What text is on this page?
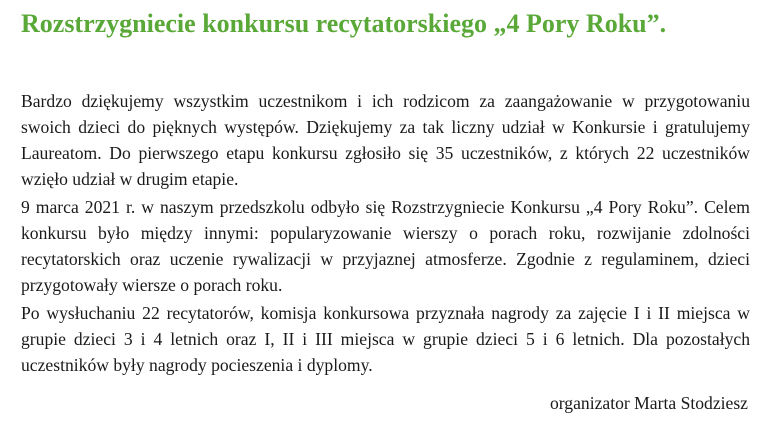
Rozstrzygniecie konkursu recytatorskiego „4 Pory Roku”.

Bardzo dziękujemy wszystkim uczestnikom i ich rodzicom za zaangażowanie w przygotowaniu swoich dzieci do pięknych występów. Dziękujemy za tak liczny udział w Konkursie i gratulujemy Laureatom. Do pierwszego etapu konkursu zgłosiło się 35 uczestników, z których 22 uczestników wzięło udział w drugim etapie.

9 marca 2021 r. w naszym przedszkolu odbyło się Rozstrzygniecie Konkursu „4 Pory Roku”. Celem konkursu było między innymi: popularyzowanie wierszy o porach roku, rozwijanie zdolności recytatorskich oraz uczenie rywalizacji w przyjaznej atmosferze. Zgodnie z regulaminem, dzieci przygotowały wiersze o porach roku.

Po wysłuchaniu 22 recytatorów, komisja konkursowa przyznała nagrody za zajęcie I i II miejsca w grupie dzieci 3 i 4 letnich oraz I, II i III miejsca w grupie dzieci 5 i 6 letnich. Dla pozostałych uczestników były nagrody pocieszenia i dyplomy.

organizator Marta Stodziesz
